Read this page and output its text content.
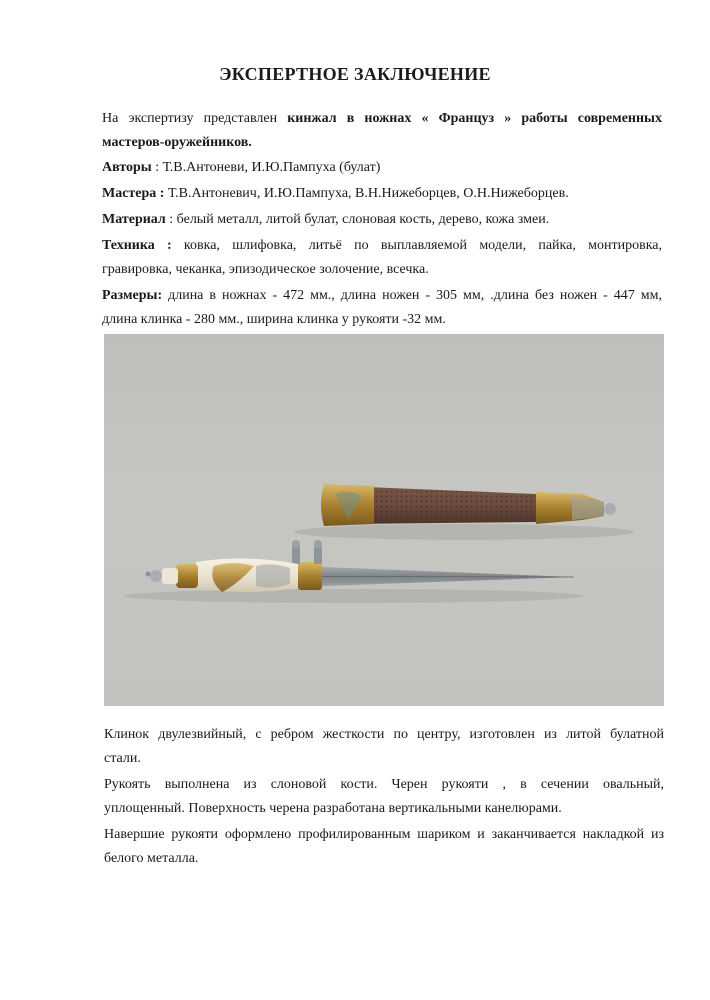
ЭКСПЕРТНОЕ ЗАКЛЮЧЕНИЕ
На экспертизу представлен кинжал в ножнах « Француз » работы современных
мастеров-оружейников.
Авторы : Т.В.Антоневи, И.Ю.Пампуха (булат)
Мастера : Т.В.Антоневич, И.Ю.Пампуха, В.Н.Нижеборцев, О.Н.Нижеборцев.
Материал : белый металл, литой булат, слоновая кость, дерево, кожа змеи.
Техника : ковка, шлифовка, литьё по выплавляемой модели, пайка, монтировка,
гравировка, чеканка, эпизодическое золочение, всечка.
Размеры: длина в ножнах - 472 мм., длина ножен - 305 мм, .длина без ножен - 447 мм,
длина клинка - 280 мм., ширина клинка у рукояти -32 мм.
Клинок двулезвийный, с ребром жесткости по центру, изготовлен из литой булатной
стали.
Рукоять выполнена из слоновой кости. Черен рукояти , в сечении овальный,
уплощенный. Поверхность черена разработана вертикальными канелюрами.
Навершие рукояти оформлено профилированным шариком и заканчивается накладкой из
белого металла.
